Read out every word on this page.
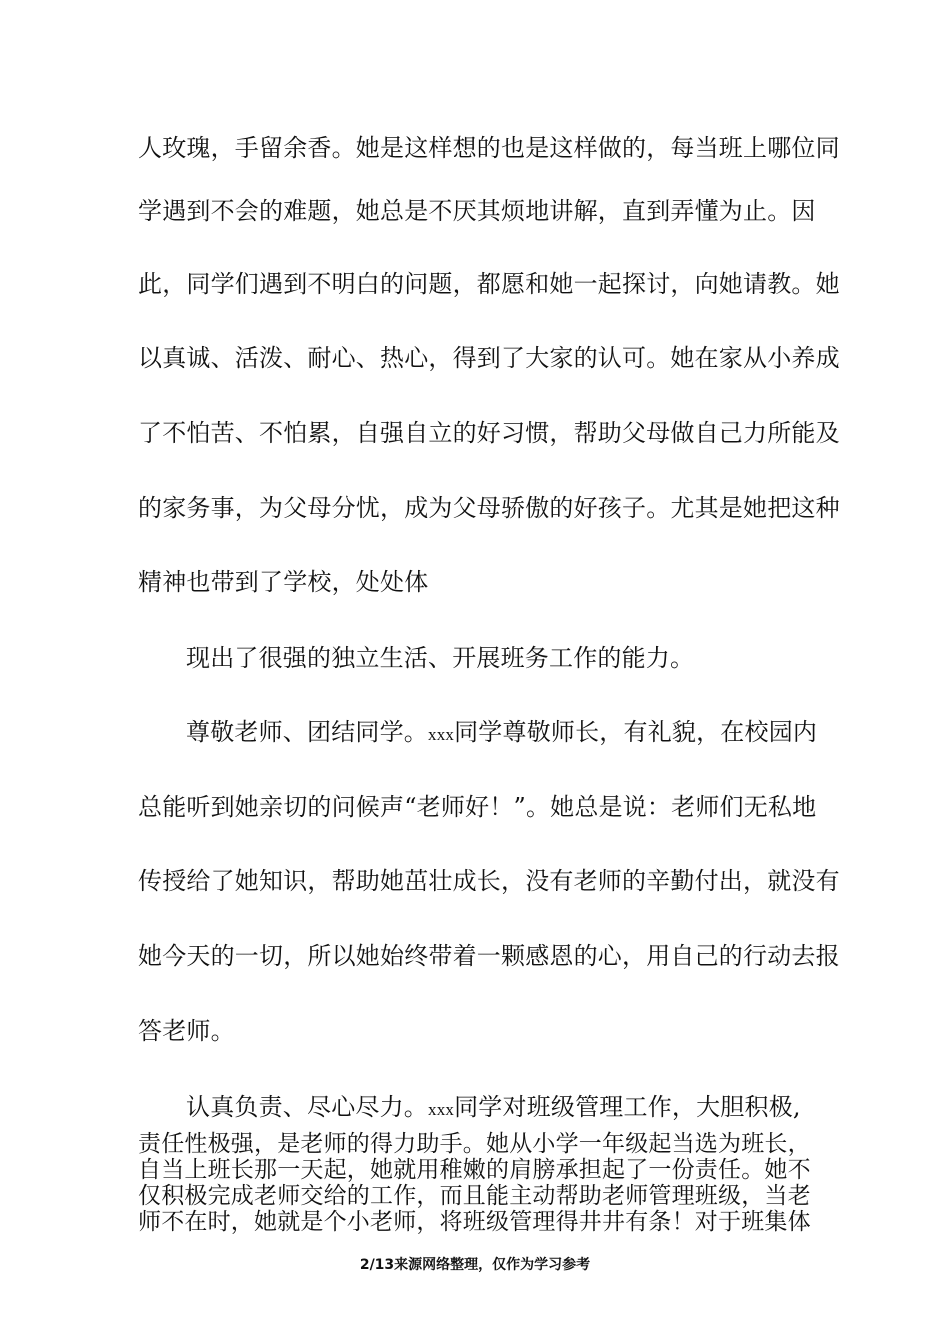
人玫瑰，手留余香。她是这样想的也是这样做的，每当班上哪位同
学遇到不会的难题，她总是不厌其烦地讲解，直到弄懂为止。因
此，同学们遇到不明白的问题，都愿和她一起探讨，向她请教。她
以真诚、活泼、耐心、热心，得到了大家的认可。她在家从小养成
了不怕苦、不怕累，自强自立的好习惯，帮助父母做自己力所能及
的家务事，为父母分忧，成为父母骄傲的好孩子。尤其是她把这种
精神也带到了学校，处处体
现出了很强的独立生活、开展班务工作的能力。
尊敬老师、团结同学。xxx同学尊敬师长，有礼貌，在校园内
总能听到她亲切的问候声“老师好！”。她总是说：老师们无私地
传授给了她知识，帮助她茁壮成长，没有老师的辛勤付出，就没有
她今天的一切，所以她始终带着一颗感恩的心，用自己的行动去报
答老师。
认真负责、尽心尽力。xxx同学对班级管理工作，大胆积极,
责任性极强，是老师的得力助手。她从小学一年级起当选为班长，
自当上班长那一天起，她就用稚嫩的肩膀承担起了一份责任。她不
仅积极完成老师交给的工作，而且能主动帮助老师管理班级，当老
师不在时，她就是个小老师，将班级管理得井井有条！对于班集体
2/13来源网络整理，仅作为学习参考
